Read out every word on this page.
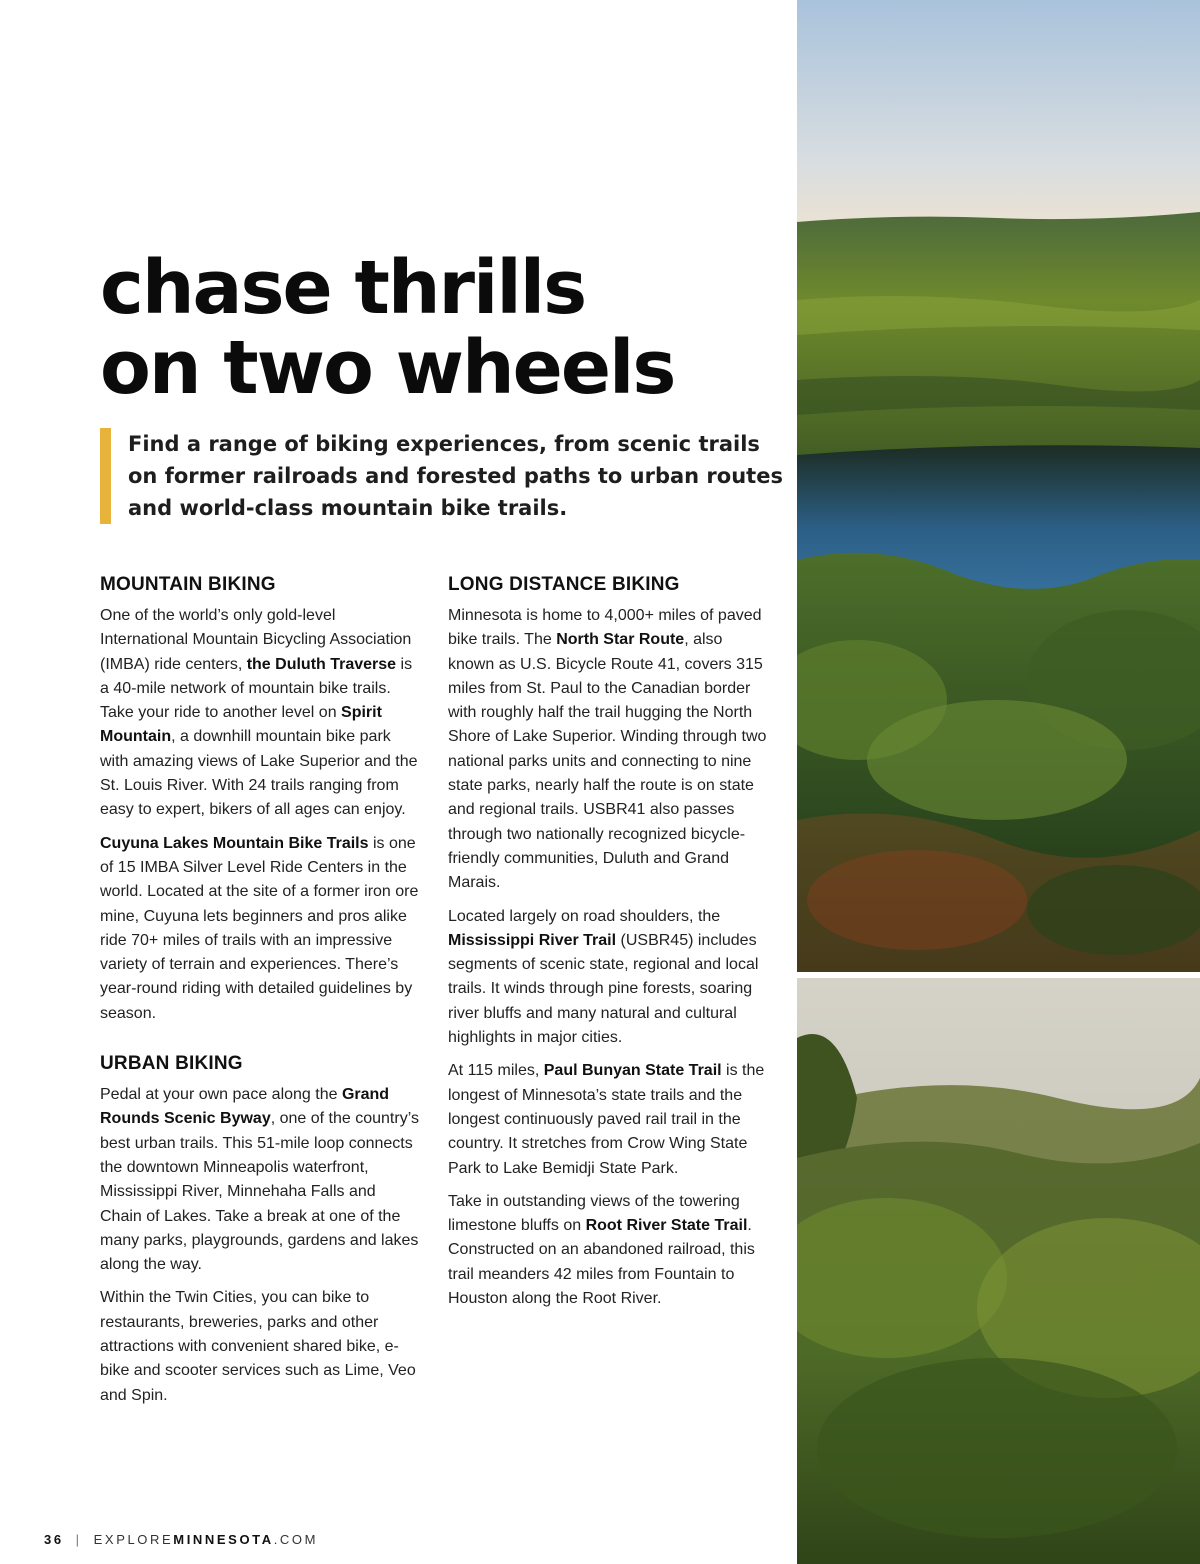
chase thrills
on two wheels

Find a range of biking experiences, from scenic trails on former railroads and forested paths to urban routes and world-class mountain bike trails.

MOUNTAIN BIKING

One of the world’s only gold-level International Mountain Bicycling Association (IMBA) ride centers, the Duluth Traverse is a 40-mile network of mountain bike trails. Take your ride to another level on Spirit Mountain, a downhill mountain bike park with amazing views of Lake Superior and the St. Louis River. With 24 trails ranging from easy to expert, bikers of all ages can enjoy.

Cuyuna Lakes Mountain Bike Trails is one of 15 IMBA Silver Level Ride Centers in the world. Located at the site of a former iron ore mine, Cuyuna lets beginners and pros alike ride 70+ miles of trails with an impressive variety of terrain and experiences. There’s year-round riding with detailed guidelines by season.

URBAN BIKING

Pedal at your own pace along the Grand Rounds Scenic Byway, one of the country’s best urban trails. This 51-mile loop connects the downtown Minneapolis waterfront, Mississippi River, Minnehaha Falls and Chain of Lakes. Take a break at one of the many parks, playgrounds, gardens and lakes along the way.

Within the Twin Cities, you can bike to restaurants, breweries, parks and other attractions with convenient shared bike, e-bike and scooter services such as Lime, Veo and Spin.

LONG DISTANCE BIKING

Minnesota is home to 4,000+ miles of paved bike trails. The North Star Route, also known as U.S. Bicycle Route 41, covers 315 miles from St. Paul to the Canadian border with roughly half the trail hugging the North Shore of Lake Superior. Winding through two national parks units and connecting to nine state parks, nearly half the route is on state and regional trails. USBR41 also passes through two nationally recognized bicycle-friendly communities, Duluth and Grand Marais.

Located largely on road shoulders, the Mississippi River Trail (USBR45) includes segments of scenic state, regional and local trails. It winds through pine forests, soaring river bluffs and many natural and cultural highlights in major cities.

At 115 miles, Paul Bunyan State Trail is the longest of Minnesota’s state trails and the longest continuously paved rail trail in the country. It stretches from Crow Wing State Park to Lake Bemidji State Park.

Take in outstanding views of the towering limestone bluffs on Root River State Trail. Constructed on an abandoned railroad, this trail meanders 42 miles from Fountain to Houston along the Root River.

36 | EXPLOREMINNESOTA.COM
